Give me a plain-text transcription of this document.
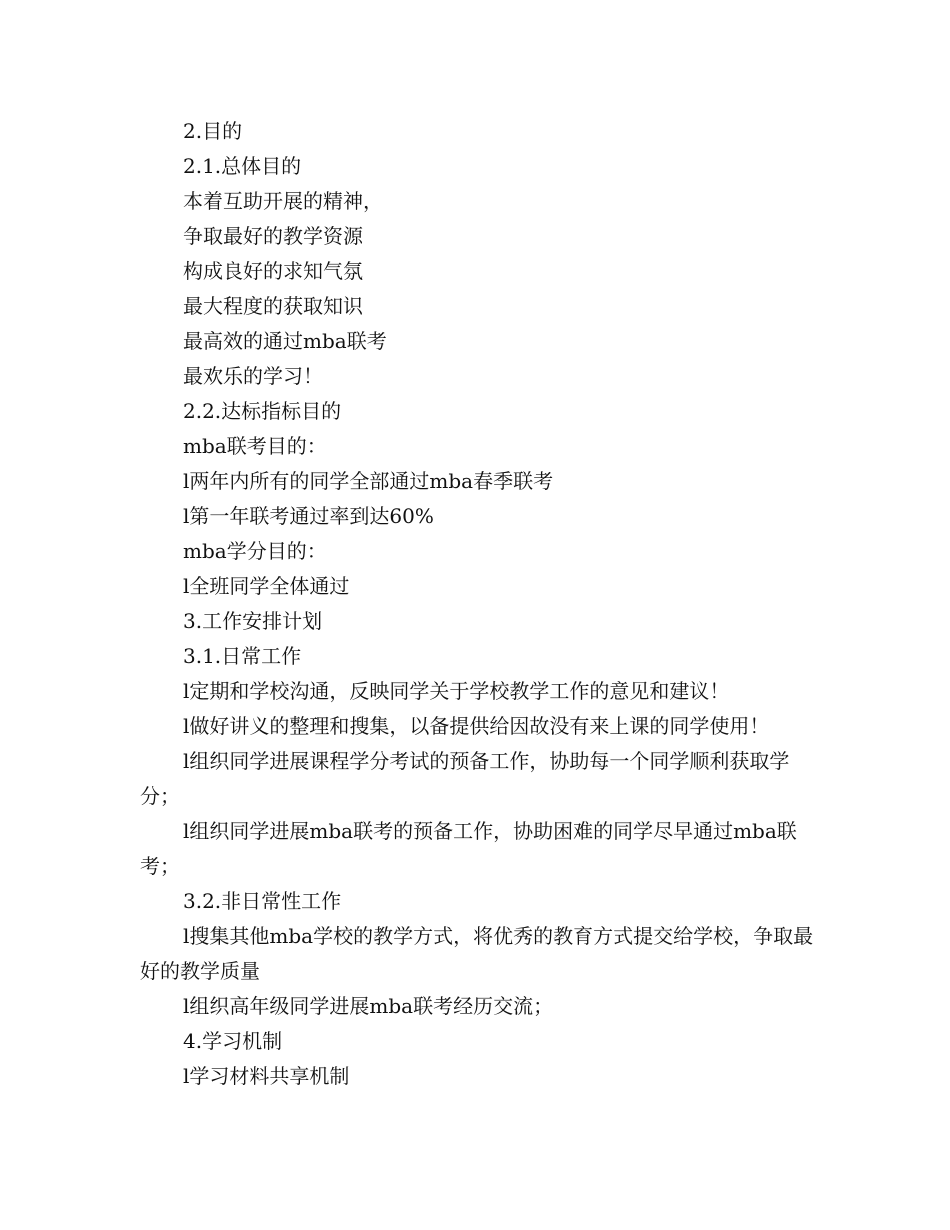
2.目的
2.1.总体目的
本着互助开展的精神，
争取最好的教学资源
构成良好的求知气氛
最大程度的获取知识
最高效的通过mba联考
最欢乐的学习！
2.2.达标指标目的
mba联考目的：
l两年内所有的同学全部通过mba春季联考
l第一年联考通过率到达60%
mba学分目的：
l全班同学全体通过
3.工作安排计划
3.1.日常工作
l定期和学校沟通，反映同学关于学校教学工作的意见和建议！
l做好讲义的整理和搜集，以备提供给因故没有来上课的同学使用！
l组织同学进展课程学分考试的预备工作，协助每一个同学顺利获取学分；
l组织同学进展mba联考的预备工作，协助困难的同学尽早通过mba联考；
3.2.非日常性工作
l搜集其他mba学校的教学方式，将优秀的教育方式提交给学校，争取最好的教学质量
l组织高年级同学进展mba联考经历交流；
4.学习机制
l学习材料共享机制
